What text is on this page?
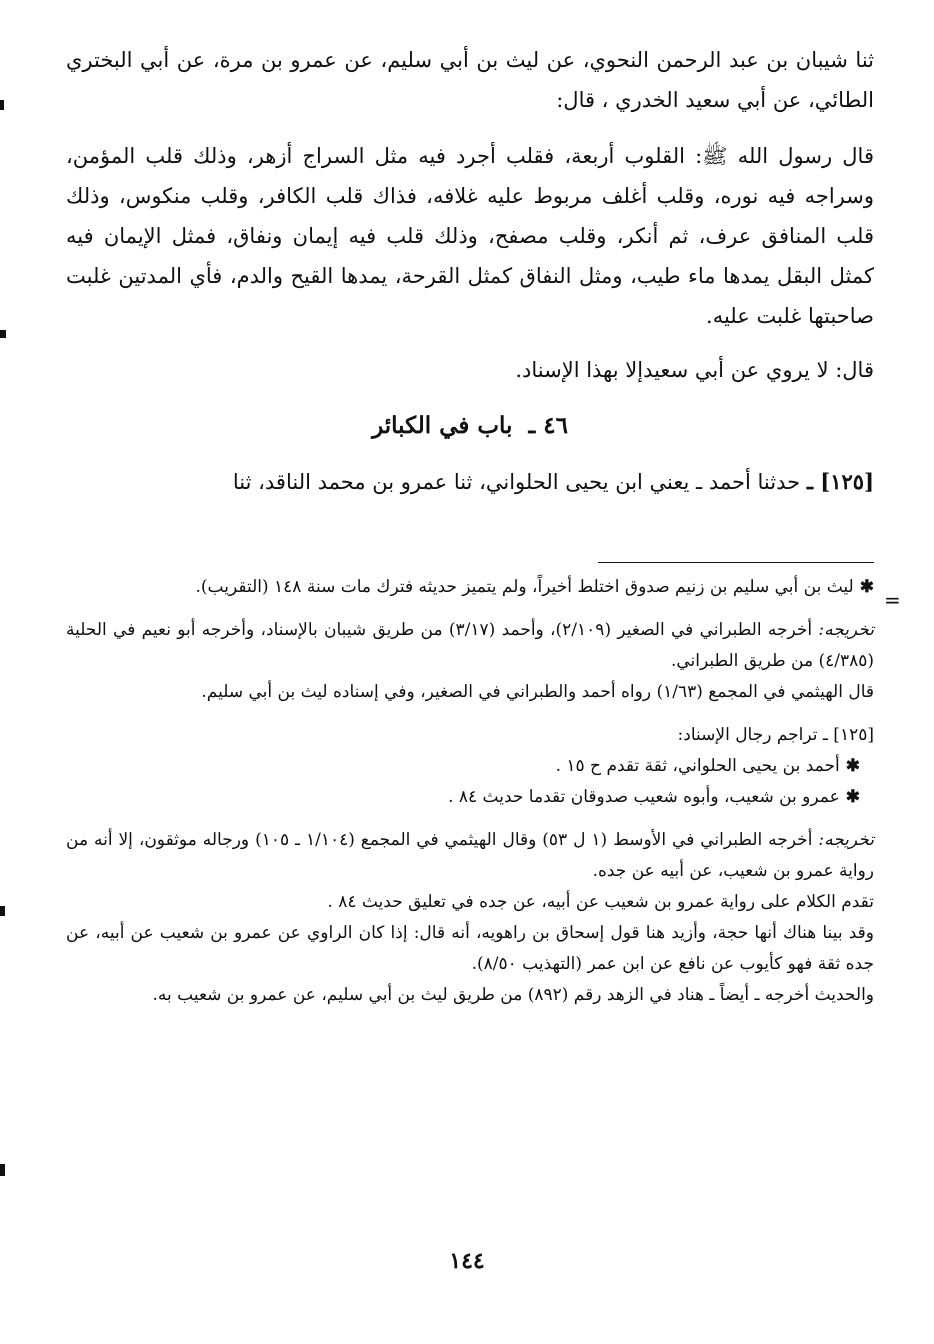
ثنا شيبان بن عبد الرحمن النحوي، عن ليث بن أبي سليم، عن عمرو بن مرة، عن أبي البختري الطائي، عن أبي سعيد الخدري ، قال:

قال رسول الله ﷺ: القلوب أربعة، فقلب أجرد فيه مثل السراج أزهر، وذلك قلب المؤمن، وسراجه فيه نوره، وقلب أغلف مربوط عليه غلافه، فذاك قلب الكافر، وقلب منكوس، وذلك قلب المنافق عرف، ثم أنكر، وقلب مصفح، وذلك قلب فيه إيمان ونفاق، فمثل الإيمان فيه كمثل البقل يمدها ماء طيب، ومثل النفاق كمثل القرحة، يمدها القيح والدم، فأي المدتين غلبت صاحبتها غلبت عليه.

قال: لا يروي عن أبي سعيدإلا بهذا الإسناد.

٤٦ ـ باب في الكبائر

[١٢٥] ـ حدثنا أحمد ـ يعني ابن يحيى الحلواني، ثنا عمرو بن محمد الناقد، ثنا

✱ليث بن أبي سليم بن زنيم صدوق اختلط أخيراً، ولم يتميز حديثه فترك مات سنة ١٤٨ (التقريب).

تخريجه: أخرجه الطبراني في الصغير (٢/١٠٩)، وأحمد (٣/١٧) من طريق شيبان بالإسناد، وأخرجه أبو نعيم في الحلية (٤/٣٨٥) من طريق الطبراني.

قال الهيثمي في المجمع (١/٦٣) رواه أحمد والطبراني في الصغير، وفي إسناده ليث بن أبي سليم.

[١٢٥] ـ تراجم رجال الإسناد:

✱أحمد بن يحيى الحلواني، ثقة تقدم ح ١٥ .

✱عمرو بن شعيب، وأبوه شعيب صدوقان تقدما حديث ٨٤ .

تخريجه: أخرجه الطبراني في الأوسط (١ ل ٥٣) وقال الهيثمي في المجمع (١/١٠٤ ـ ١٠٥) ورجاله موثقون، إلا أنه من رواية عمرو بن شعيب، عن أبيه عن جده.

تقدم الكلام على رواية عمرو بن شعيب عن أبيه، عن جده في تعليق حديث ٨٤ .

وقد بينا هناك أنها حجة، وأزيد هنا قول إسحاق بن راهويه، أنه قال: إذا كان الراوي عن عمرو بن شعيب عن أبيه، عن جده ثقة فهو كأيوب عن نافع عن ابن عمر (التهذيب ٨/٥٠).

والحديث أخرجه ـ أيضاً ـ هناد في الزهد رقم (٨٩٢) من طريق ليث بن أبي سليم، عن عمرو بن شعيب به.

١٤٤
=
